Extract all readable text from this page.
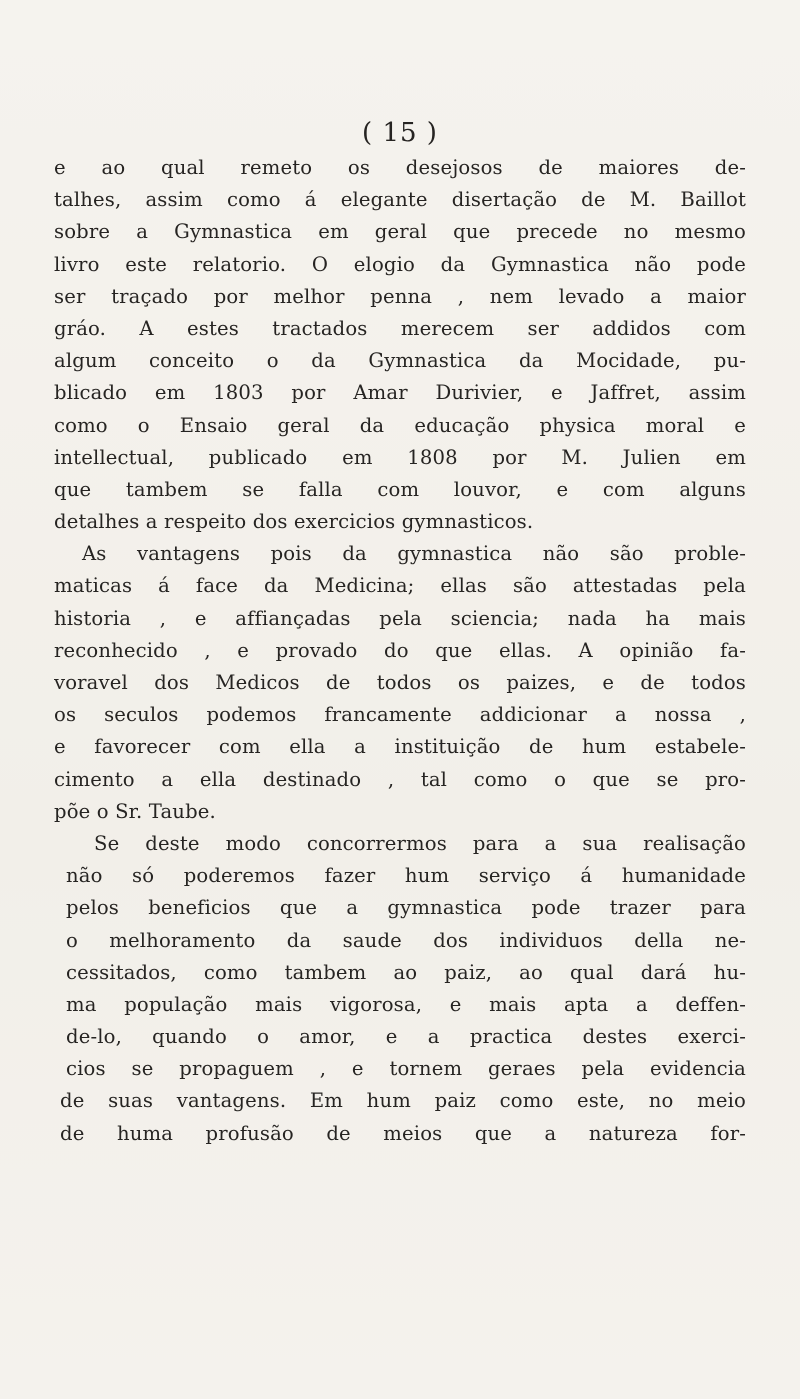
( 15 )
e ao qual remeto os desejosos de maiores de-
talhes, assim como á elegante disertação de M. Baillot
sobre a Gymnastica em geral que precede no mesmo
livro este relatorio. O elogio da Gymnastica não pode
ser traçado por melhor penna , nem levado a maior
gráo. A estes tractados merecem ser addidos com
algum conceito o da Gymnastica da Mocidade, pu-
blicado em 1803 por Amar Durivier, e Jaffret, assim
como o Ensaio geral da educação physica moral e
intellectual, publicado em 1808 por M. Julien em
que tambem se falla com louvor, e com alguns
detalhes a respeito dos exercicios gymnasticos.
As vantagens pois da gymnastica não são proble-
maticas á face da Medicina; ellas são attestadas pela
historia , e affiançadas pela sciencia; nada ha mais
reconhecido , e provado do que ellas. A opinião fa-
voravel dos Medicos de todos os paizes, e de todos
os seculos podemos francamente addicionar a nossa ,
e favorecer com ella a instituição de hum estabele-
cimento a ella destinado , tal como o que se pro-
põe o Sr. Taube.
Se deste modo concorrermos para a sua realisação
não só poderemos fazer hum serviço á humanidade
pelos beneficios que a gymnastica pode trazer para
o melhoramento da saude dos individuos della ne-
cessitados, como tambem ao paiz, ao qual dará hu-
ma população mais vigorosa, e mais apta a deffen-
de-lo, quando o amor, e a practica destes exerci-
cios se propaguem , e tornem geraes pela evidencia
de suas vantagens. Em hum paiz como este, no meio
de huma profusão de meios que a natureza for-
